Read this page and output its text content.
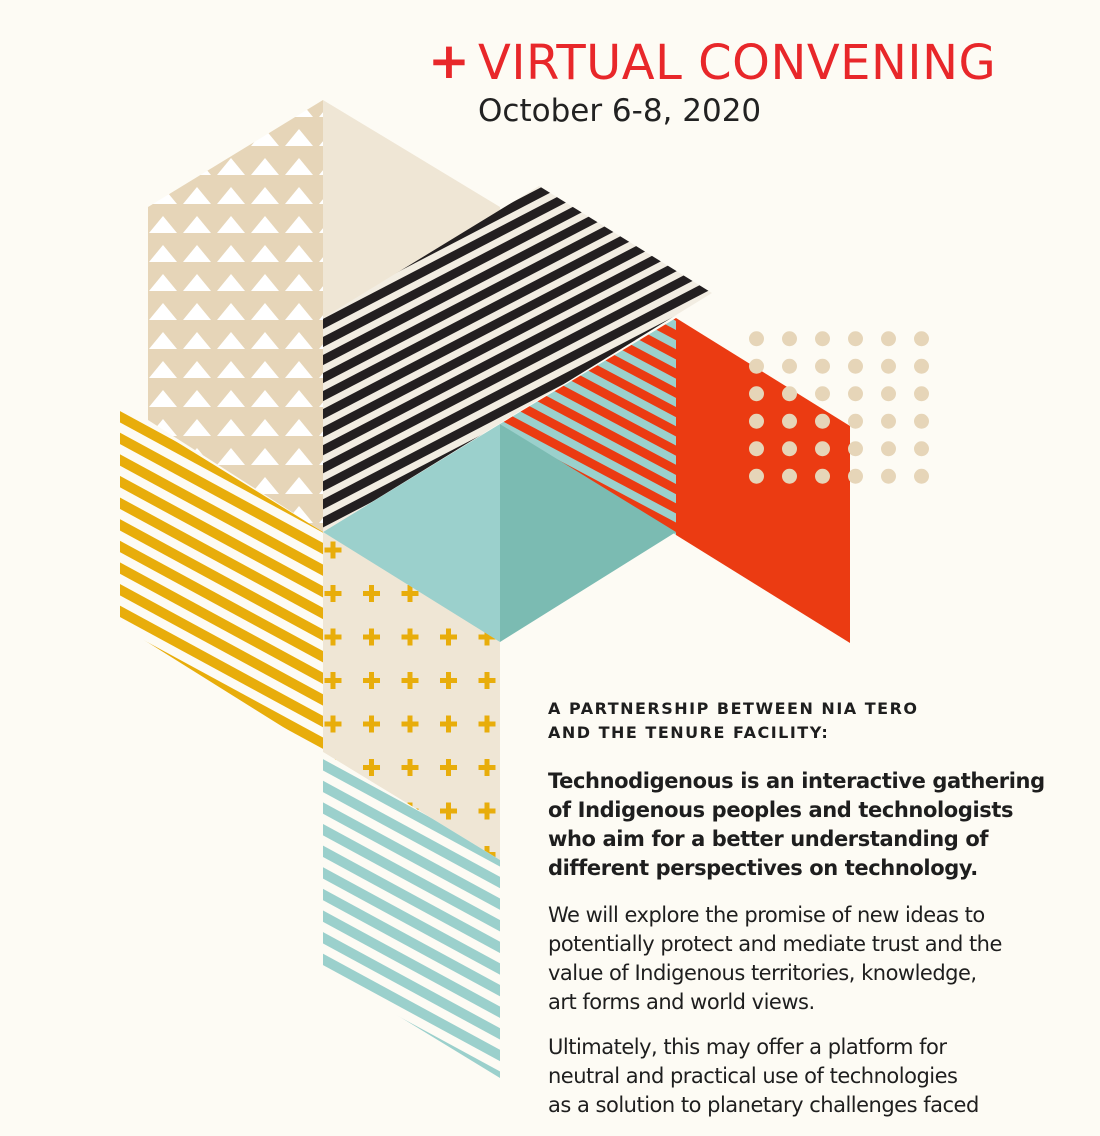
+ VIRTUAL CONVENING
October 6-8, 2020
A PARTNERSHIP BETWEEN NIA TERO
AND THE TENURE FACILITY:
Technodigenous is an interactive gathering
of Indigenous peoples and technologists
who aim for a better understanding of
different perspectives on technology.
We will explore the promise of new ideas to
potentially protect and mediate trust and the
value of Indigenous territories, knowledge,
art forms and world views.
Ultimately, this may offer a platform for
neutral and practical use of technologies
as a solution to planetary challenges faced
